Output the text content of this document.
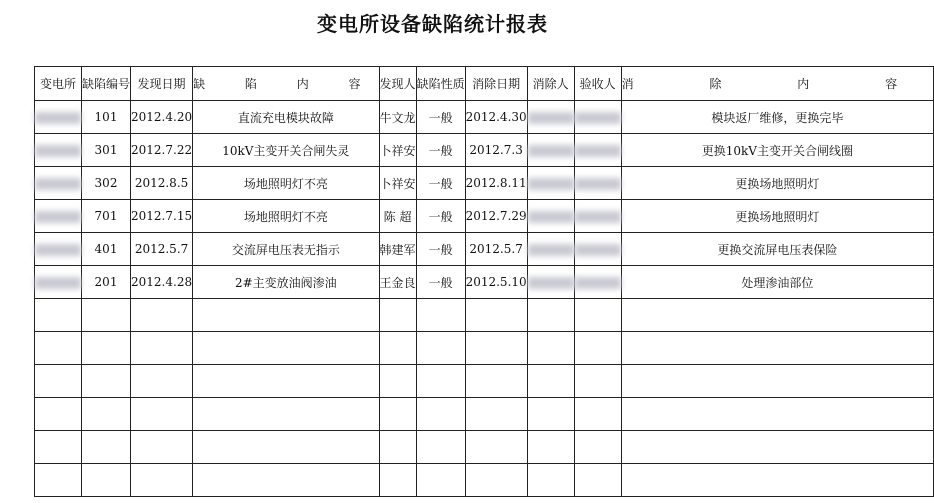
变电所设备缺陷统计报表
变电所	缺陷编号	发现日期	缺 陷 内 容	发现人	缺陷性质	消除日期	消除人	验收人	消 除 内 容
	101	2012.4.20	直流充电模块故障	牛文龙	一般	2012.4.30			模块返厂维修，更换完毕
	301	2012.7.22	10kV主变开关合闸失灵	卜祥安	一般	2012.7.3			更换10kV主变开关合闸线圈
	302	2012.8.5	场地照明灯不亮	卜祥安	一般	2012.8.11			更换场地照明灯
	701	2012.7.15	场地照明灯不亮	陈 超	一般	2012.7.29			更换场地照明灯
	401	2012.5.7	交流屏电压表无指示	韩建军	一般	2012.5.7			更换交流屏电压表保险
	201	2012.4.28	2#主变放油阀渗油	王金良	一般	2012.5.10			处理渗油部位
